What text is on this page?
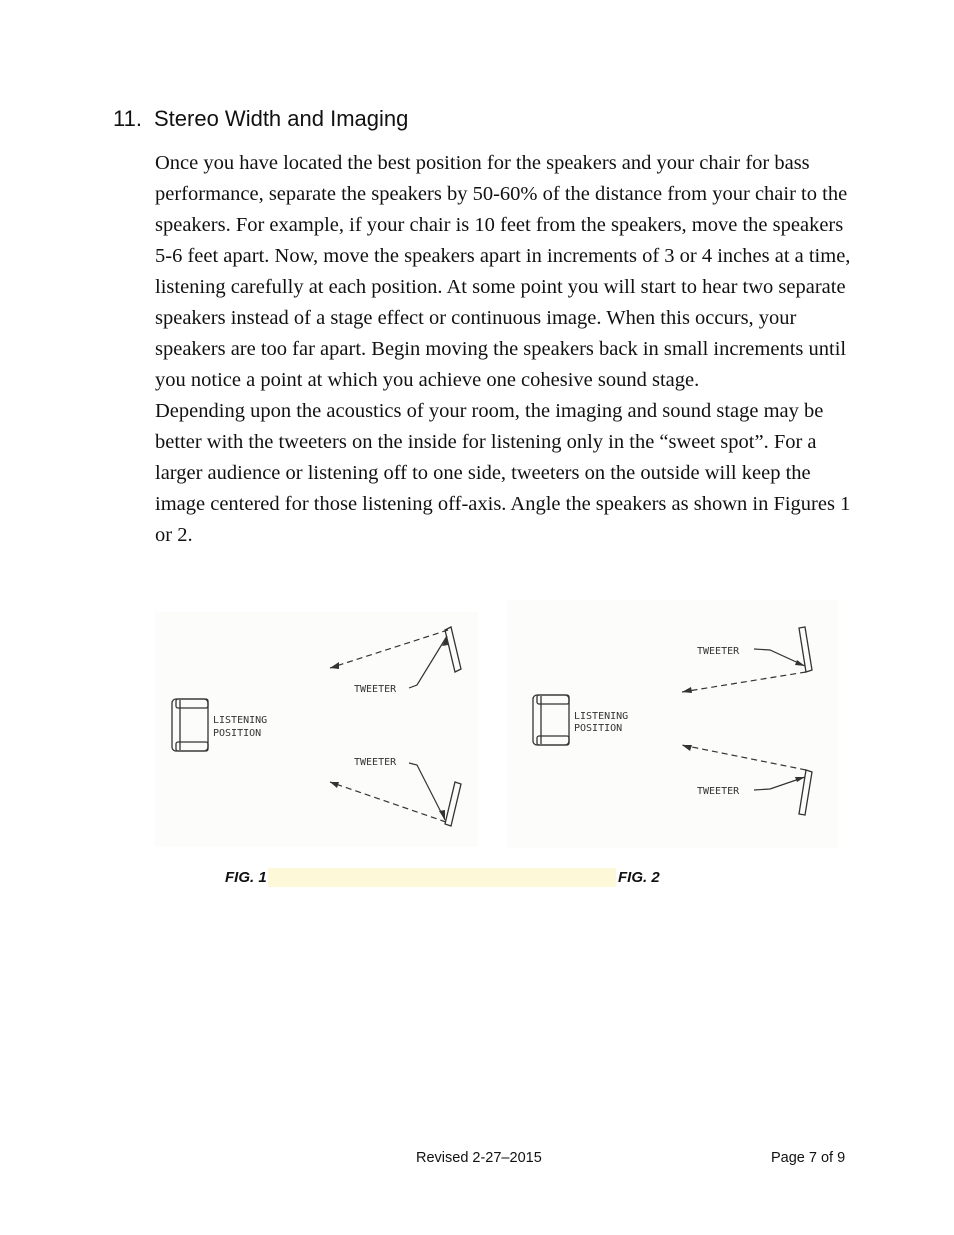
11. Stereo Width and Imaging

Once you have located the best position for the speakers and your chair for bass performance, separate the speakers by 50-60% of the distance from your chair to the speakers. For example, if your chair is 10 feet from the speakers, move the speakers 5-6 feet apart. Now, move the speakers apart in increments of 3 or 4 inches at a time, listening carefully at each position. At some point you will start to hear two separate speakers instead of a stage effect or continuous image. When this occurs, your speakers are too far apart. Begin moving the speakers back in small increments until you notice a point at which you achieve one cohesive sound stage.

Depending upon the acoustics of your room, the imaging and sound stage may be better with the tweeters on the inside for listening only in the “sweet spot”. For a larger audience or listening off to one side, tweeters on the outside will keep the image centered for those listening off-axis. Angle the speakers as shown in Figures 1 or 2.

LISTENING
POSITION
TWEETER
TWEETER
LISTENING
POSITION
TWEETER
TWEETER
FIG. 1	FIG. 2
Revised 2-27–2015	Page 7 of 9
